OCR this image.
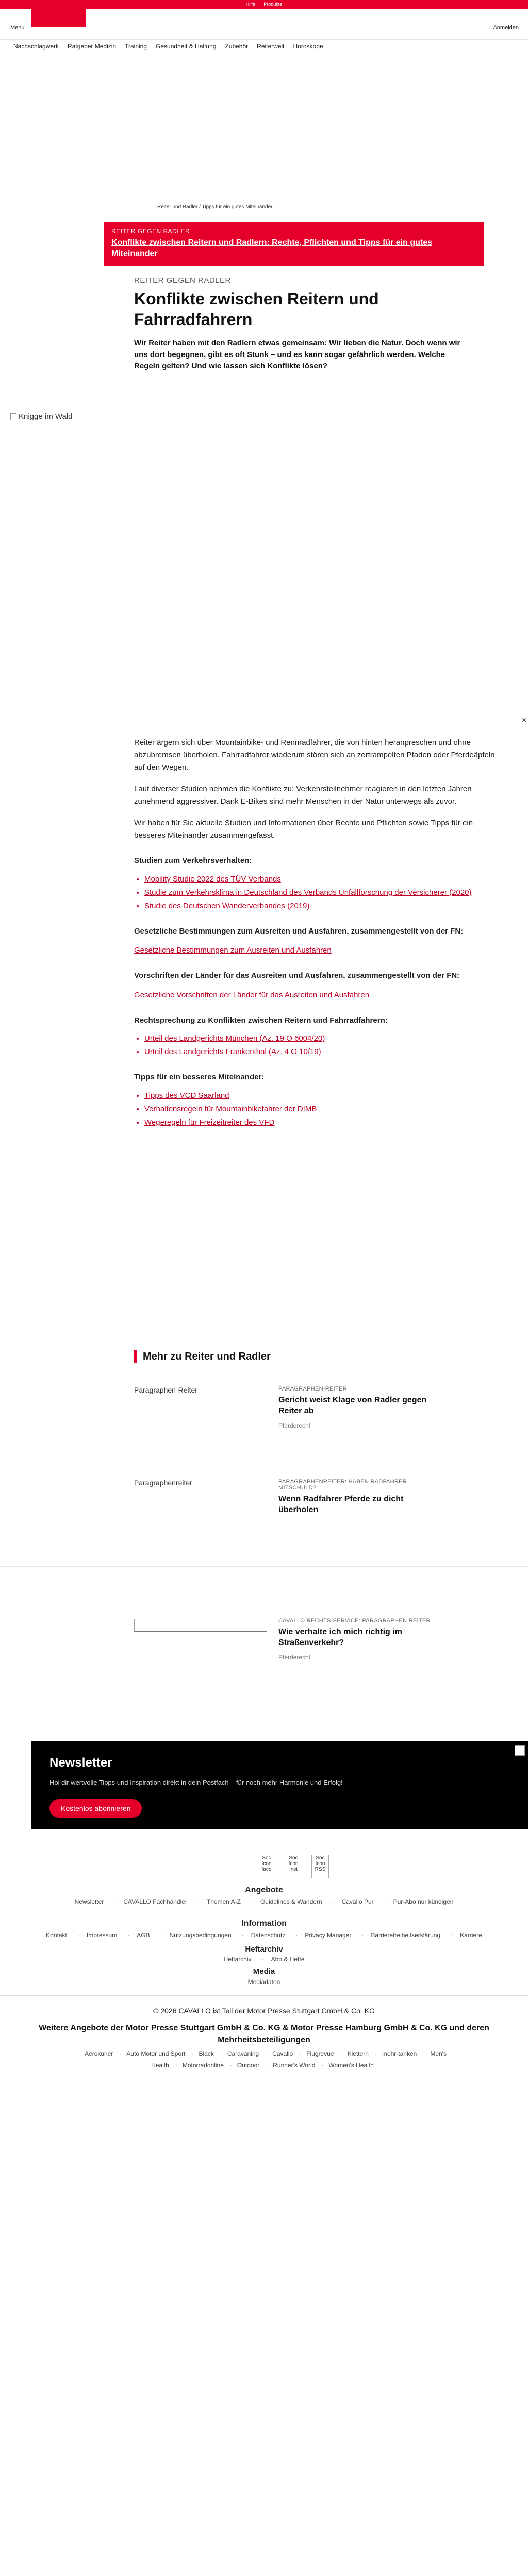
Hilfe Produkte
Menu	Anmelden
Nachschlagwerk	Ratgeber Medizin	Training	Gesundheit & Haltung	Zubehör	Reiterwelt	Horoskope
Reiter und Radler / Tipps für ein gutes Miteinander
REITER GEGEN RADLER
Konflikte zwischen Reitern und Radlern: Rechte, Pflichten und Tipps für ein gutes Miteinander
REITER GEGEN RADLER
Konflikte zwischen Reitern und Fahrradfahrern

Wir Reiter haben mit den Radlern etwas gemeinsam: Wir lieben die Natur. Doch wenn wir uns dort begegnen, gibt es oft Stunk – und es kann sogar gefährlich werden. Welche Regeln gelten? Und wie lassen sich Konflikte lösen?

Knigge im Wald
×

Reiter ärgern sich über Mountainbike- und Rennradfahrer, die von hinten heranpreschen und ohne abzubremsen überholen. Fahrradfahrer wiederum stören sich an zertrampelten Pfaden oder Pferdeäpfeln auf den Wegen.

Laut diverser Studien nehmen die Konflikte zu: Verkehrsteilnehmer reagieren in den letzten Jahren zunehmend aggressiver. Dank E-Bikes sind mehr Menschen in der Natur unterwegs als zuvor.

Wir haben für Sie aktuelle Studien und Informationen über Rechte und Pflichten sowie Tipps für ein besseres Miteinander zusammengefasst.

Studien zum Verkehrsverhalten:
• Mobility Studie 2022 des TÜV Verbands
• Studie zum Verkehrsklima in Deutschland des Verbands Unfallforschung der Versicherer (2020)
• Studie des Deutschen Wanderverbandes (2019)
Gesetzliche Bestimmungen zum Ausreiten und Ausfahren, zusammengestellt von der FN:
Gesetzliche Bestimmungen zum Ausreiten und Ausfahren
Vorschriften der Länder für das Ausreiten und Ausfahren, zusammengestellt von der FN:
Gesetzliche Vorschriften der Länder für das Ausreiten und Ausfahren
Rechtsprechung zu Konflikten zwischen Reitern und Fahrradfahrern:
• Urteil des Landgerichts München (Az. 19 O 6004/20)
• Urteil des Landgerichts Frankenthal (Az. 4 O 10/19)
Tipps für ein besseres Miteinander:
• Tipps des VCD Saarland
• Verhaltensregeln für Mountainbikefahrer der DIMB
• Wegeregeln für Freizeitreiter des VFD
Mehr zu Reiter und Radler
Paragraphen-Reiter	PARAGRAPHEN-REITER
Gericht weist Klage von Radler gegen Reiter ab
Pferderecht
Paragraphenreiter	PARAGRAPHENREITER: HABEN RADFAHRER MITSCHULD?
Wenn Radfahrer Pferde zu dicht überholen
CAVALLO RECHTS-SERVICE: PARAGRAPHEN REITER
Wie verhalte ich mich richtig im Straßenverkehr?
Pferderecht
Newsletter
Hol dir wertvolle Tipps und Inspiration direkt in dein Postfach – für noch mehr Harmonie und Erfolg!
Kostenlos abonnieren
Soc Icon face
Soc Icon Inst
Soc Icon RSS
Angebote
Newsletter	· CAVALLO Fachhändler	· Themen A-Z	· Guidelines & Wandern	· Cavallo Pur	· Pur-Abo nur kündigen
Information
Kontakt	· Impressum	· AGB	· Nutzungsbedingungen	· Datenschutz	· Privacy Manager	· Barrierefreiheitserklärung	· Karriere
Heftarchiv
Heftarchiv	· Abo & Hefte
Media
Mediadaten
© 2026 CAVALLO ist Teil der Motor Presse Stuttgart GmbH & Co. KG
Weitere Angebote der Motor Presse Stuttgart GmbH & Co. KG & Motor Presse Hamburg GmbH & Co. KG und deren Mehrheitsbeteiligungen
Aerokurier · Auto Motor und Sport · Black · Caravaning · Cavallo · Flugrevue · Klettern · mehr-tanken · Men's Health · Motorradonline · Outdoor · Runner's World · Women's Health
